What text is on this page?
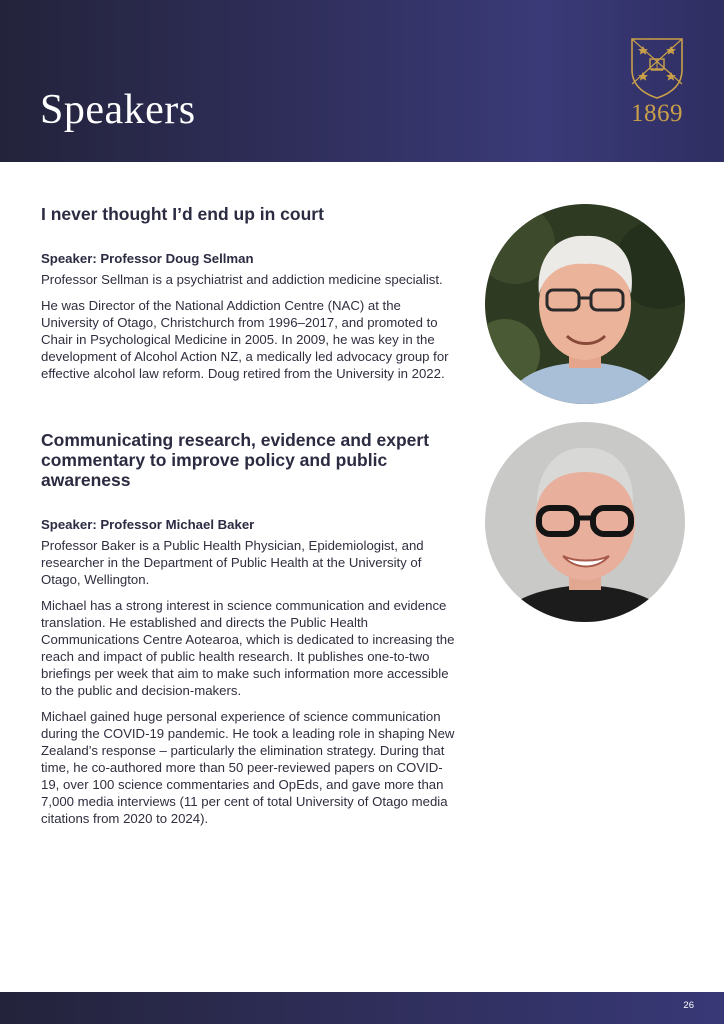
Speakers	1869
I never thought I’d end up in court

Speaker: Professor Doug Sellman

Professor Sellman is a psychiatrist and addiction medicine specialist.

He was Director of the National Addiction Centre (NAC) at the University of Otago, Christchurch from 1996–2017, and promoted to Chair in Psychological Medicine in 2005. In 2009, he was key in the development of Alcohol Action NZ, a medically led advocacy group for effective alcohol law reform. Doug retired from the University in 2022.

Communicating research, evidence and expert commentary to improve policy and public awareness

Speaker: Professor Michael Baker

Professor Baker is a Public Health Physician, Epidemiologist, and researcher in the Department of Public Health at the University of Otago, Wellington.

Michael has a strong interest in science communication and evidence translation. He established and directs the Public Health Communications Centre Aotearoa, which is dedicated to increasing the reach and impact of public health research. It publishes one-to-two briefings per week that aim to make such information more accessible to the public and decision-makers.

Michael gained huge personal experience of science communication during the COVID-19 pandemic. He took a leading role in shaping New Zealand’s response – particularly the elimination strategy. During that time, he co-authored more than 50 peer-reviewed papers on COVID-19, over 100 science commentaries and OpEds, and gave more than 7,000 media interviews (11 per cent of total University of Otago media citations from 2020 to 2024).

26
